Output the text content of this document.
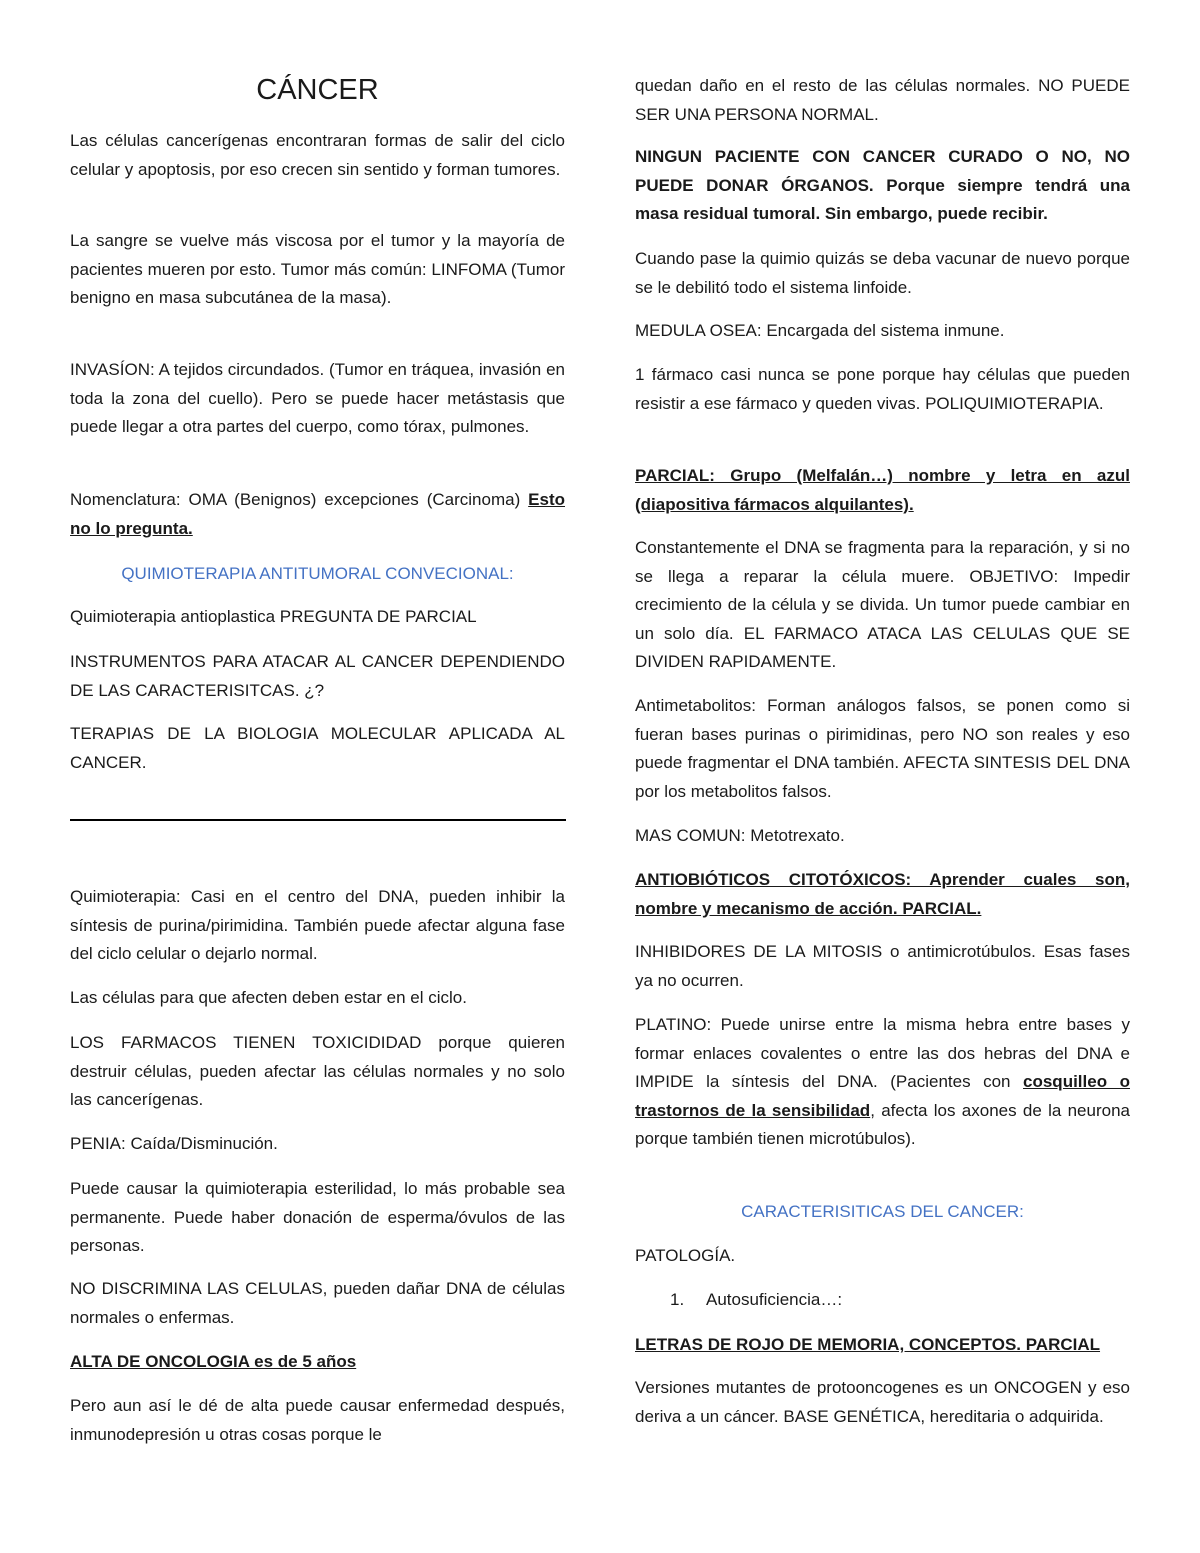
CÁNCER

Las células cancerígenas encontraran formas de salir del ciclo celular y apoptosis, por eso crecen sin sentido y forman tumores.

La sangre se vuelve más viscosa por el tumor y la mayoría de pacientes mueren por esto. Tumor más común: LINFOMA (Tumor benigno en masa subcutánea de la masa).

INVASÍON: A tejidos circundados. (Tumor en tráquea, invasión en toda la zona del cuello). Pero se puede hacer metástasis que puede llegar a otra partes del cuerpo, como tórax, pulmones.

Nomenclatura: OMA (Benignos) excepciones (Carcinoma) Esto no lo pregunta.

QUIMIOTERAPIA ANTITUMORAL CONVECIONAL:

Quimioterapia antioplastica PREGUNTA DE PARCIAL

INSTRUMENTOS PARA ATACAR AL CANCER DEPENDIENDO DE LAS CARACTERISITCAS. ¿?

TERAPIAS DE LA BIOLOGIA MOLECULAR APLICADA AL CANCER.

Quimioterapia: Casi en el centro del DNA, pueden inhibir la síntesis de purina/pirimidina. También puede afectar alguna fase del ciclo celular o dejarlo normal.

Las células para que afecten deben estar en el ciclo.

LOS FARMACOS TIENEN TOXICIDIDAD porque quieren destruir células, pueden afectar las células normales y no solo las cancerígenas.

PENIA: Caída/Disminución.

Puede causar la quimioterapia esterilidad, lo más probable sea permanente. Puede haber donación de esperma/óvulos de las personas.

NO DISCRIMINA LAS CELULAS, pueden dañar DNA de células normales o enfermas.

ALTA DE ONCOLOGIA es de 5 años

Pero aun así le dé de alta puede causar enfermedad después, inmunodepresión u otras cosas porque le

quedan daño en el resto de las células normales. NO PUEDE SER UNA PERSONA NORMAL.

NINGUN PACIENTE CON CANCER CURADO O NO, NO PUEDE DONAR ÓRGANOS. Porque siempre tendrá una masa residual tumoral. Sin embargo, puede recibir.

Cuando pase la quimio quizás se deba vacunar de nuevo porque se le debilitó todo el sistema linfoide.

MEDULA OSEA: Encargada del sistema inmune.

1 fármaco casi nunca se pone porque hay células que pueden resistir a ese fármaco y queden vivas. POLIQUIMIOTERAPIA.

PARCIAL: Grupo (Melfalán…) nombre y letra en azul (diapositiva fármacos alquilantes).

Constantemente el DNA se fragmenta para la reparación, y si no se llega a reparar la célula muere. OBJETIVO: Impedir crecimiento de la célula y se divida. Un tumor puede cambiar en un solo día. EL FARMACO ATACA LAS CELULAS QUE SE DIVIDEN RAPIDAMENTE.

Antimetabolitos: Forman análogos falsos, se ponen como si fueran bases purinas o pirimidinas, pero NO son reales y eso puede fragmentar el DNA también. AFECTA SINTESIS DEL DNA por los metabolitos falsos.

MAS COMUN: Metotrexato.

ANTIOBIÓTICOS CITOTÓXICOS: Aprender cuales son, nombre y mecanismo de acción. PARCIAL.

INHIBIDORES DE LA MITOSIS o antimicrotúbulos. Esas fases ya no ocurren.

PLATINO: Puede unirse entre la misma hebra entre bases y formar enlaces covalentes o entre las dos hebras del DNA e IMPIDE la síntesis del DNA. (Pacientes con cosquilleo o trastornos de la sensibilidad, afecta los axones de la neurona porque también tienen microtúbulos).

CARACTERISITICAS DEL CANCER:

PATOLOGÍA.

1. Autosuficiencia…:

LETRAS DE ROJO DE MEMORIA, CONCEPTOS. PARCIAL

Versiones mutantes de protooncogenes es un ONCOGEN y eso deriva a un cáncer. BASE GENÉTICA, hereditaria o adquirida.
